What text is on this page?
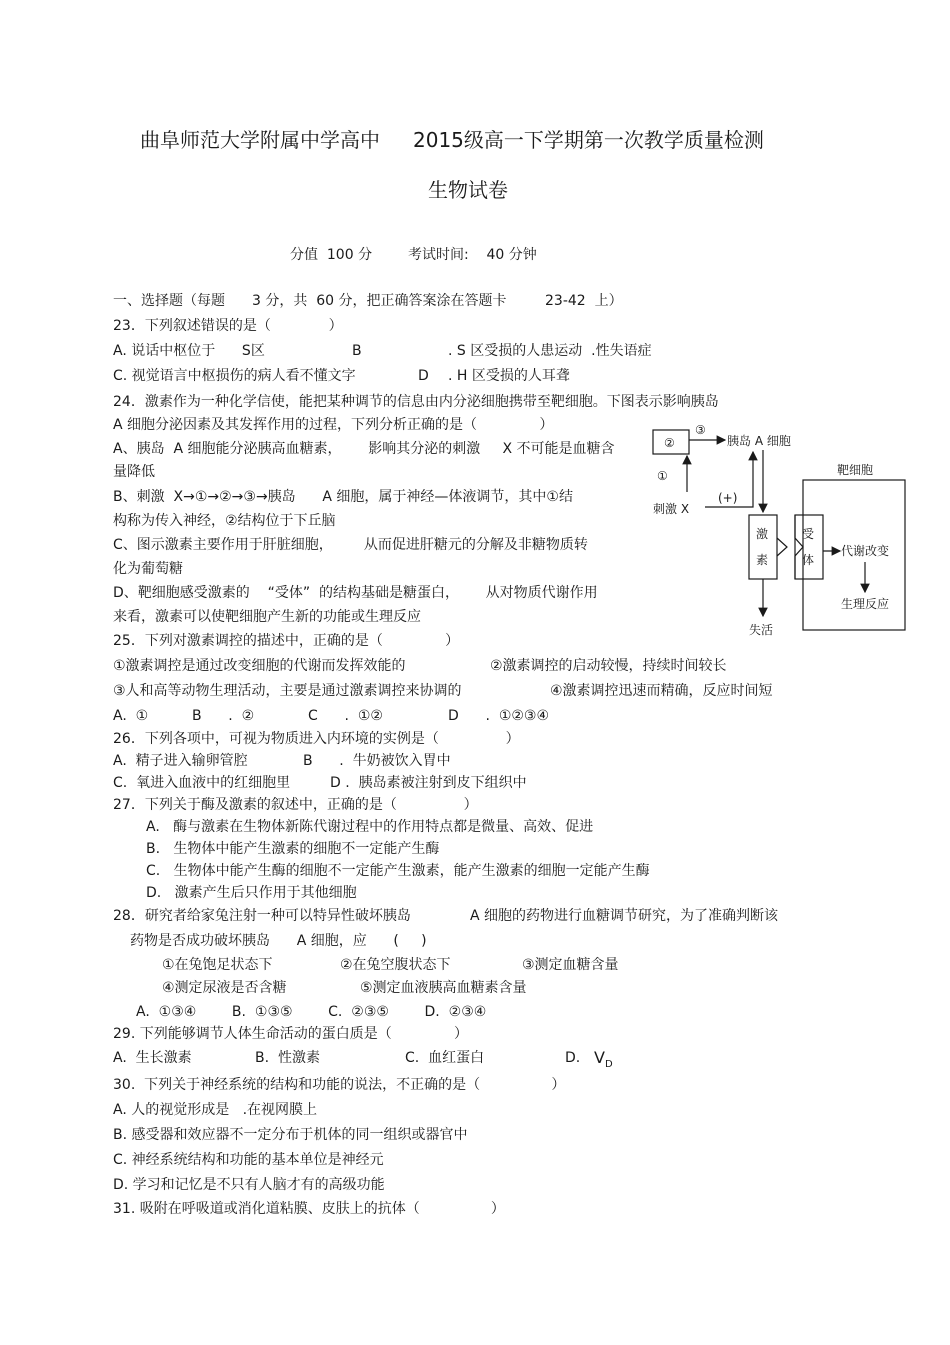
曲阜师范大学附属中学高中 2015级高一下学期第一次教学质量检测
生物试卷
分值  100 分	考试时间:    40 分钟
一、选择题（每题 3 分，共  60 分，把正确答案涂在答题卡	23-42  上）
23．下列叙述错误的是（             ）
A. 说话中枢位于      S区	B	. S 区受损的人患运动  .性失语症
C. 视觉语言中枢损伤的病人看不懂文字	D . H 区受损的人耳聋
24．激素作为一种化学信使，能把某种调节的信息由内分泌细胞携带至靶细胞。下图表示影响胰岛
A 细胞分泌因素及其发挥作用的过程，下列分析正确的是（              ）
A、胰岛  A 细胞能分泌胰高血糖素，      影响其分泌的刺激     X 不可能是血糖含
量降低
B、刺激  X→①→②→③→胰岛      A 细胞，属于神经—体液调节，其中①结
构称为传入神经，②结构位于下丘脑
C、图示激素主要作用于肝脏细胞，       从而促进肝糖元的分解及非糖物质转
化为葡萄糖
D、靶细胞感受激素的    “受体”  的结构基础是糖蛋白，      从对物质代谢作用
来看，激素可以使靶细胞产生新的功能或生理反应
②
③
胰岛 A 细胞
①
刺激 X
(+)
靶细胞
激
素
受
体
代谢改变
生理反应
失活
25．下列对激素调控的描述中，正确的是（              ）
①激素调控是通过改变细胞的代谢而发挥效能的	②激素调控的启动较慢，持续时间较长
③人和高等动物生理活动，主要是通过激素调控来协调的	④激素调控迅速而精确，反应时间短
A.  ①	B      .  ②	C      .  ①②	D      .  ①②③④
26．下列各项中，可视为物质进入内环境的实例是（               ）
A.  精子进入输卵管腔	B      .  牛奶被饮入胃中
C.  氧进入血液中的红细胞里	D .  胰岛素被注射到皮下组织中
27．下列关于酶及激素的叙述中，正确的是（               ）
A.   酶与激素在生物体新陈代谢过程中的作用特点都是微量、高效、促进
B.   生物体中能产生激素的细胞不一定能产生酶
C.   生物体中能产生酶的细胞不一定能产生激素，能产生激素的细胞一定能产生酶
D.   激素产生后只作用于其他细胞
28．研究者给家兔注射一种可以特异性破坏胰岛	A 细胞的药物进行血糖调节研究，为了准确判断该
药物是否成功破坏胰岛      A 细胞，应      (     )
①在兔饱足状态下	②在兔空腹状态下	③测定血糖含量
④测定尿液是否含糖	⑤测定血液胰高血糖素含量
A.  ①③④        B.  ①③⑤        C.  ②③⑤        D.  ②③④
29. 下列能够调节人体生命活动的蛋白质是（              ）
A.  生长激素	B.  性激素	C.  血红蛋白	D. $V_D$
30.  下列关于神经系统的结构和功能的说法，不正确的是（                ）
A. 人的视觉形成是   .在视网膜上
B. 感受器和效应器不一定分布于机体的同一组织或器官中
C. 神经系统结构和功能的基本单位是神经元
D. 学习和记忆是不只有人脑才有的高级功能
31. 吸附在呼吸道或消化道粘膜、皮肤上的抗体（                ）
